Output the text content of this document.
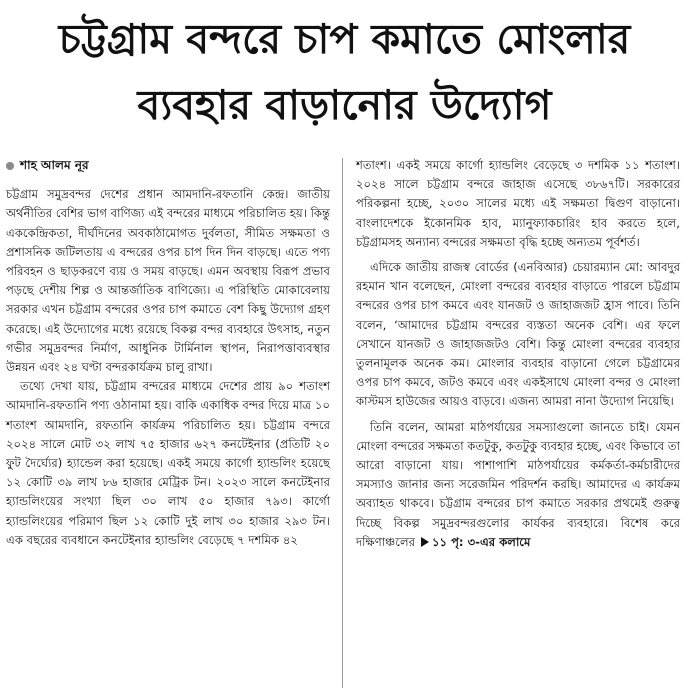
চট্টগ্রাম বন্দরে চাপ কমাতে মোংলার
ব্যবহার বাড়ানোর উদ্যোগ
শাহ আলম নূর

চট্টগ্রাম সমুদ্রবন্দর দেশের প্রধান আমদানি-রফতানি কেন্দ্র। জাতীয় অর্থনীতির বেশির ভাগ বাণিজ্য এই বন্দরের মাধ্যমে পরিচালিত হয়। কিন্তু এককেন্দ্রিকতা, দীর্ঘদিনের অবকাঠামোগত দুর্বলতা, সীমিত সক্ষমতা ও প্রশাসনিক জটিলতায় এ বন্দরের ওপর চাপ দিন দিন বাড়ছে। এতে পণ্য পরিবহন ও ছাড়করণে ব্যয় ও সময় বাড়ছে। এমন অবস্থায় বিরূপ প্রভাব পড়ছে দেশীয় শিল্প ও আন্তর্জাতিক বাণিজ্যে। এ পরিস্থিতি মোকাবেলায় সরকার এখন চট্টগ্রাম বন্দরের ওপর চাপ কমাতে বেশ কিছু উদ্যোগ গ্রহণ করেছে। এই উদ্যোগের মধ্যে রয়েছে বিকল্প বন্দর ব্যবহারে উৎসাহ, নতুন গভীর সমুদ্রবন্দর নির্মাণ, আধুনিক টার্মিনাল স্থাপন, নিরাপত্তাব্যবস্থার উন্নয়ন এবং ২৪ ঘণ্টা বন্দরকার্যক্রম চালু রাখা।

তথ্যে দেখা যায়, চট্টগ্রাম বন্দরের মাধ্যমে দেশের প্রায় ৯০ শতাংশ আমদানি-রফতানি পণ্য ওঠানামা হয়। বাকি একাধিক বন্দর দিয়ে মাত্র ১০ শতাংশ আমদানি, রফতানি কার্যক্রম পরিচালিত হয়। চট্টগ্রাম বন্দরে ২০২৪ সালে মোট ৩২ লাখ ৭৫ হাজার ৬২৭ কনটেইনার (প্রতিটি ২০ ফুট দৈর্ঘ্যের) হ্যান্ডেল করা হয়েছে। একই সময়ে কার্গো হ্যান্ডলিং হয়েছে ১২ কোটি ৩৯ লাখ ৮৬ হাজার মেট্রিক টন। ২০২৩ সালে কনটেইনার হ্যান্ডলিংয়ের সংখ্যা ছিল ৩০ লাখ ৫০ হাজার ৭৯৩। কার্গো হ্যান্ডলিংয়ের পরিমাণ ছিল ১২ কোটি দুই লাখ ৩০ হাজার ২৯৩ টন। এক বছরের ব্যবধানে কনটেইনার হ্যান্ডলিং বেড়েছে ৭ দশমিক ৪২

শতাংশ। একই সময়ে কার্গো হ্যান্ডলিং বেড়েছে ৩ দশমিক ১১ শতাংশ। ২০২৪ সালে চট্টগ্রাম বন্দরে জাহাজ এসেছে ৩৮৬৭টি। সরকারের পরিকল্পনা হচ্ছে, ২০৩০ সালের মধ্যে এই সক্ষমতা দ্বিগুণ বাড়ানো। বাংলাদেশকে ইকোনমিক হাব, ম্যানুফ্যাকচারিং হাব করতে হলে, চট্টগ্রামসহ অন্যান্য বন্দরের সক্ষমতা বৃদ্ধি হচ্ছে অন্যতম পূর্বশর্ত।

এদিকে জাতীয় রাজস্ব বোর্ডের (এনবিআর) চেয়ারম্যান মো: আবদুর রহমান খান বলেছেন, মোংলা বন্দরের ব্যবহার বাড়াতে পারলে চট্টগ্রাম বন্দরের ওপর চাপ কমবে এবং যানজট ও জাহাজজট হ্রাস পাবে। তিনি বলেন, ‘আমাদের চট্টগ্রাম বন্দরের ব্যস্ততা অনেক বেশি। এর ফলে সেখানে যানজট ও জাহাজজটও বেশি। কিন্তু মোংলা বন্দরের ব্যবহার তুলনামূলক অনেক কম। মোংলার ব্যবহার বাড়ানো গেলে চট্টগ্রামের ওপর চাপ কমবে, জটও কমবে এবং একইসাথে মোংলা বন্দর ও মোংলা কাস্টমস হাউজের আয়ও বাড়বে। এজন্য আমরা নানা উদ্যোগ নিয়েছি।

তিনি বলেন, আমরা মাঠপর্যায়ের সমস্যাগুলো জানতে চাই। যেমন মোংলা বন্দরের সক্ষমতা কতটুকু, কতটুকু ব্যবহার হচ্ছে, এবং কিভাবে তা আরো বাড়ানো যায়। পাশাপাশি মাঠপর্যায়ের কর্মকর্তা-কর্মচারীদের সমস্যাও জানার জন্য সরেজমিন পরিদর্শন করছি। আমাদের এ কার্যক্রম অব্যাহত থাকবে। চট্টগ্রাম বন্দরের চাপ কমাতে সরকার প্রথমেই গুরুত্ব দিচ্ছে বিকল্প সমুদ্রবন্দরগুলোর কার্যকর ব্যবহারে। বিশেষ করে দক্ষিণাঞ্চলের ১১ পৃ: ৩-এর কলামে
